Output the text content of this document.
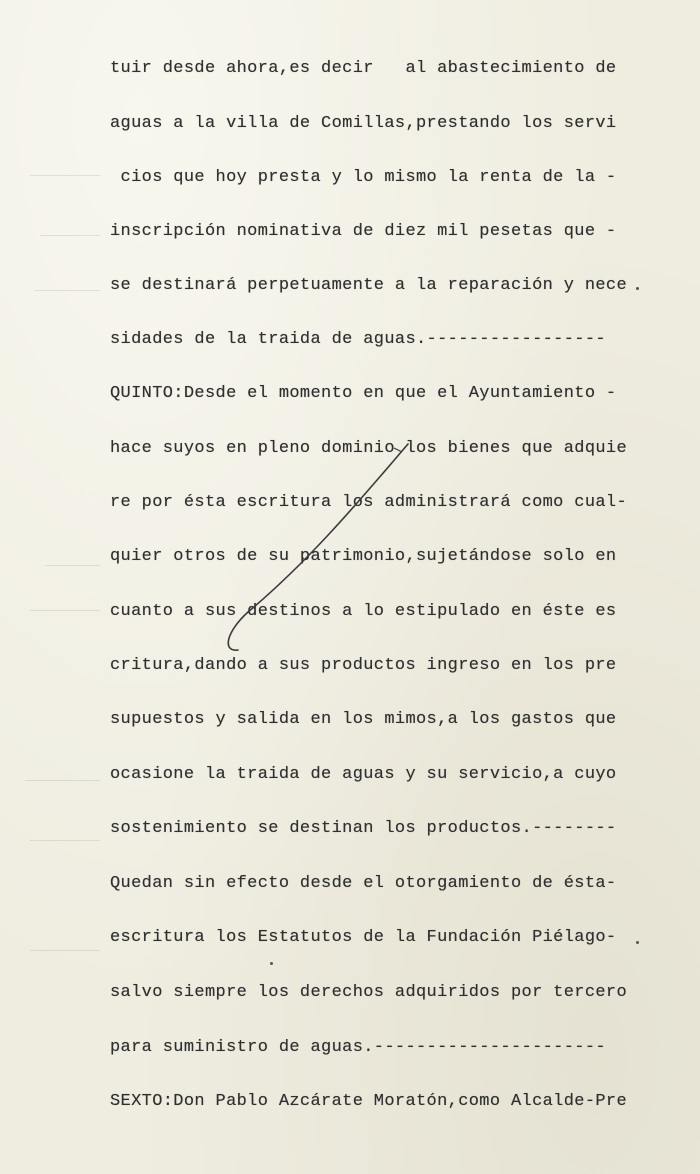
tuir desde ahora,es decir   al abastecimiento de
aguas a la villa de Comillas,prestando los servi
cios que hoy presta y lo mismo la renta de la -
inscripción nominativa de diez mil pesetas que -
se destinará perpetuamente a la reparación y nece
sidades de la traida de aguas.-----------------
QUINTO:Desde el momento en que el Ayuntamiento -
hace suyos en pleno dominio los bienes que adquie
re por ésta escritura los administrará como cual-
quier otros de su patrimonio,sujetándose solo en
cuanto a sus destinos a lo estipulado en éste es
critura,dando a sus productos ingreso en los pre
supuestos y salida en los mimos,a los gastos que
ocasione la traida de aguas y su servicio,a cuyo
sostenimiento se destinan los productos.--------
Quedan sin efecto desde el otorgamiento de ésta-
escritura los Estatutos de la Fundación Piélago-
salvo siempre los derechos adquiridos por tercero
para suministro de aguas.----------------------
SEXTO:Don Pablo Azcárate Moratón,como Alcalde-Pre
